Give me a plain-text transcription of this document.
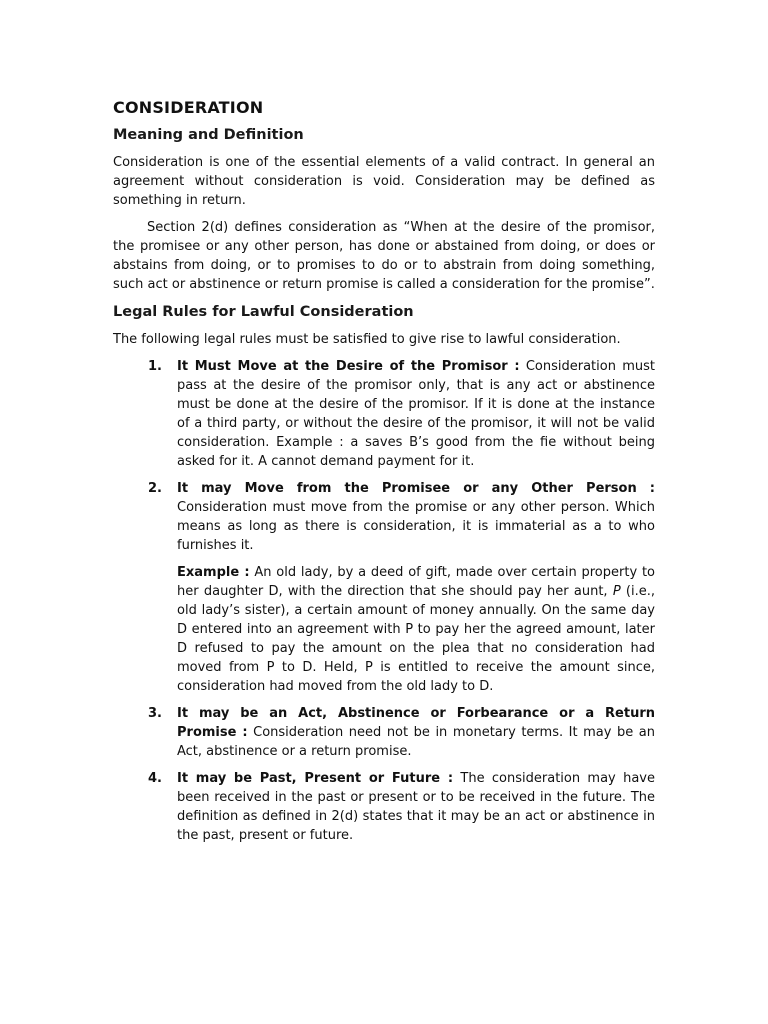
CONSIDERATION
Meaning and Definition

Consideration is one of the essential elements of a valid contract. In general an agreement without consideration is void. Consideration may be defined as something in return.

Section 2(d) defines consideration as “When at the desire of the promisor, the promisee or any other person, has done or abstained from doing, or does or abstains from doing, or to promises to do or to abstrain from doing something, such act or abstinence or return promise is called a consideration for the promise”.

Legal Rules for Lawful Consideration

The following legal rules must be satisfied to give rise to lawful consideration.

1. It Must Move at the Desire of the Promisor : Consideration must pass at the desire of the promisor only, that is any act or abstinence must be done at the desire of the promisor. If it is done at the instance of a third party, or without the desire of the promisor, it will not be valid consideration. Example : a saves B’s good from the fie without being asked for it. A cannot demand payment for it.
2. It may Move from the Promisee or any Other Person : Consideration must move from the promise or any other person. Which means as long as there is consideration, it is immaterial as a to who furnishes it.
Example : An old lady, by a deed of gift, made over certain property to her daughter D, with the direction that she should pay her aunt, P (i.e., old lady’s sister), a certain amount of money annually. On the same day D entered into an agreement with P to pay her the agreed amount, later D refused to pay the amount on the plea that no consideration had moved from P to D. Held, P is entitled to receive the amount since, consideration had moved from the old lady to D.
3. It may be an Act, Abstinence or Forbearance or a Return Promise : Consideration need not be in monetary terms. It may be an Act, abstinence or a return promise.
4. It may be Past, Present or Future : The consideration may have been received in the past or present or to be received in the future. The definition as defined in 2(d) states that it may be an act or abstinence in the past, present or future.
